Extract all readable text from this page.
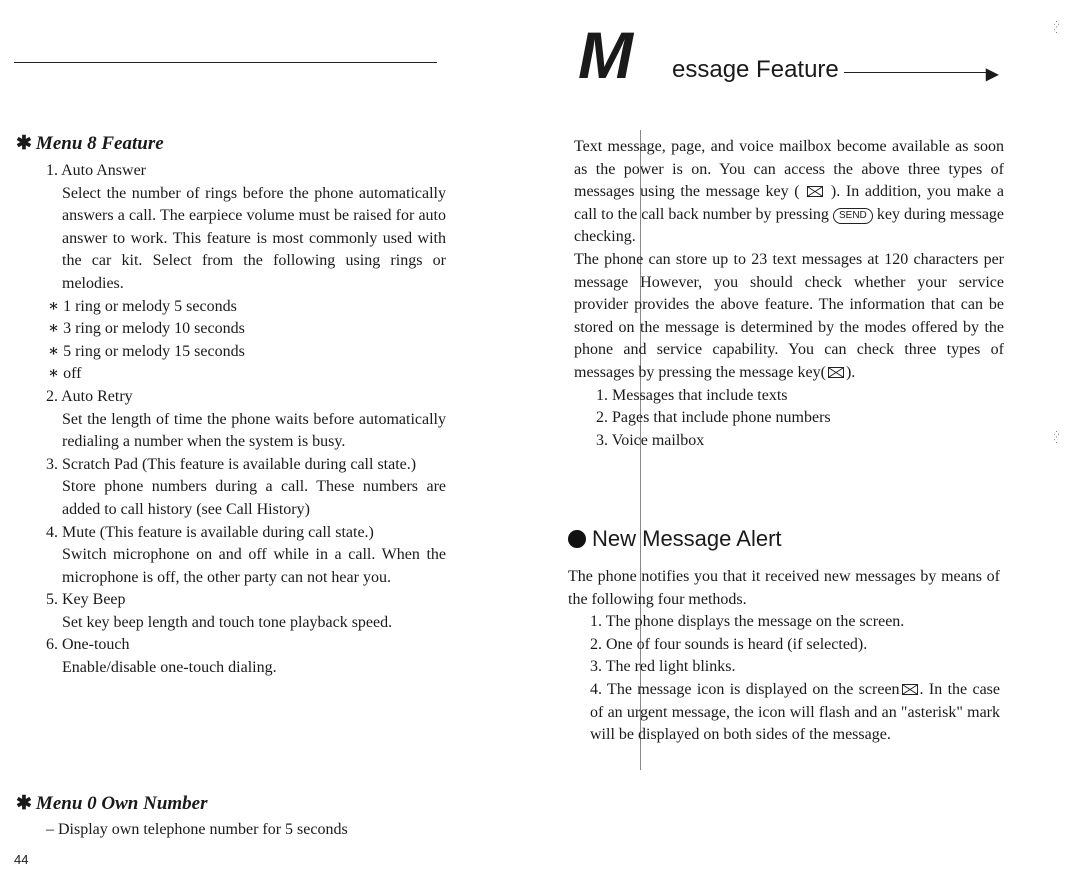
✱ Menu 8 Feature
1. Auto Answer
Select the number of rings before the phone automatically answers a call. The earpiece volume must be raised for auto answer to work. This feature is most commonly used with the car kit. Select from the following using rings or melodies.
∗ 1 ring or melody 5 seconds
∗ 3 ring or melody 10 seconds
∗ 5 ring or melody 15 seconds
∗ off
2. Auto Retry
Set the length of time the phone waits before automatically redialing a number when the system is busy.
3. Scratch Pad (This feature is available during call state.)
Store phone numbers during a call. These numbers are added to call history (see Call History)
4. Mute (This feature is available during call state.)
Switch microphone on and off while in a call. When the microphone is off, the other party can not hear you.
5. Key Beep
Set key beep length and touch tone playback speed.
6. One-touch
Enable/disable one-touch dialing.
✱ Menu 0 Own Number
– Display own telephone number for 5 seconds
44
M essage Feature	▶

Text message, page, and voice mailbox become available as soon as the power is on. You can access the above three types of messages using the message key ( ). In addition, you make a call to the call back number by pressing SEND key during message checking.

The phone can store up to 23 text messages at 120 characters per message However, you should check whether your service provider provides the above feature. The information that can be stored on the message is determined by the modes offered by the phone and service capability. You can check three types of messages by pressing the message key( ).

1. Messages that include texts
2. Pages that include phone numbers
3. Voice mailbox
New Message Alert

The phone notifies you that it received new messages by means of the following four methods.

1. The phone displays the message on the screen.
2. One of four sounds is heard (if selected).
3. The red light blinks.
4. The message icon is displayed on the screen . In the case of an urgent message, the icon will flash and an "asterisk" mark will be displayed on both sides of the message.
·:·.·
·:·.·
